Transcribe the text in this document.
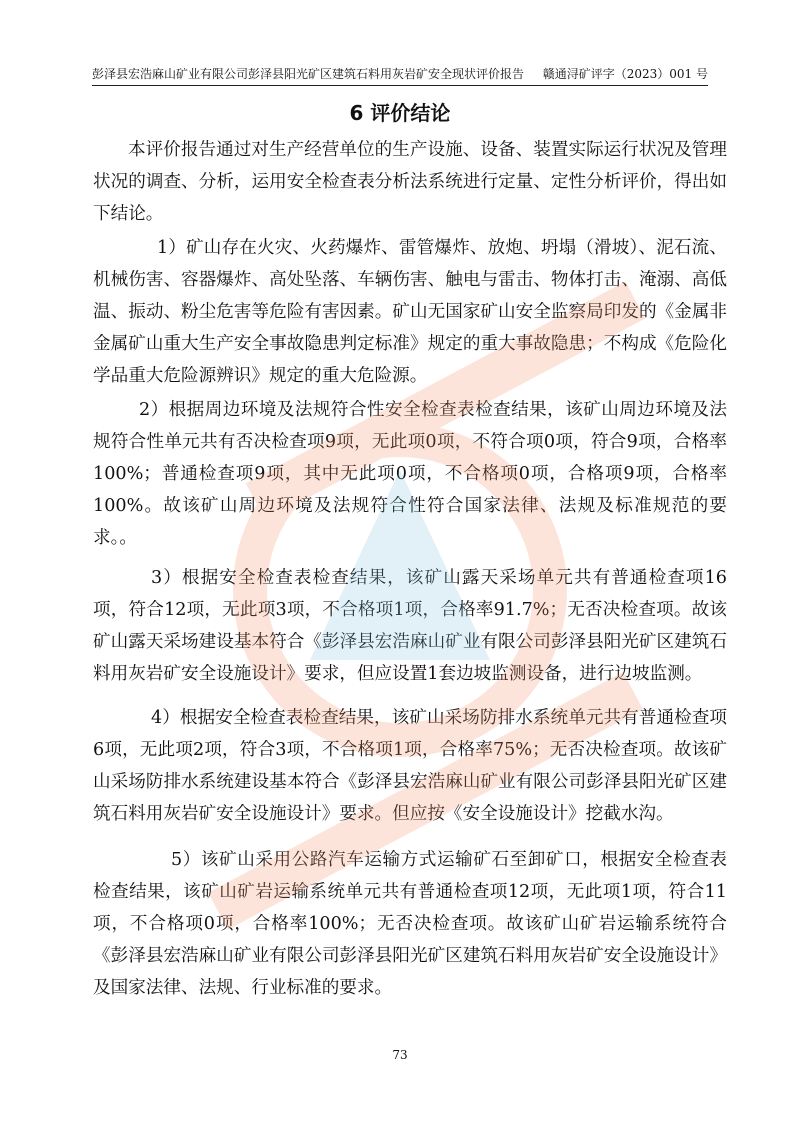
彭泽县宏浩麻山矿业有限公司彭泽县阳光矿区建筑石料用灰岩矿安全现状评价报告 赣通浔矿评字（2023）001 号
6 评价结论

本评价报告通过对生产经营单位的生产设施、设备、装置实际运行状况及管理状况的调查、分析，运用安全检查表分析法系统进行定量、定性分析评价，得出如下结论。

1）矿山存在火灾、火药爆炸、雷管爆炸、放炮、坍塌（滑坡）、泥石流、机械伤害、容器爆炸、高处坠落、车辆伤害、触电与雷击、物体打击、淹溺、高低温、振动、粉尘危害等危险有害因素。矿山无国家矿山安全监察局印发的《金属非金属矿山重大生产安全事故隐患判定标准》规定的重大事故隐患；不构成《危险化学品重大危险源辨识》规定的重大危险源。

2）根据周边环境及法规符合性安全检查表检查结果，该矿山周边环境及法规符合性单元共有否决检查项9项，无此项0项，不符合项0项，符合9项，合格率100%；普通检查项9项，其中无此项0项，不合格项0项，合格项9项，合格率100%。故该矿山周边环境及法规符合性符合国家法律、法规及标准规范的要求。。

3）根据安全检查表检查结果，该矿山露天采场单元共有普通检查项16项，符合12项，无此项3项，不合格项1项，合格率91.7%；无否决检查项。故该矿山露天采场建设基本符合《彭泽县宏浩麻山矿业有限公司彭泽县阳光矿区建筑石料用灰岩矿安全设施设计》要求，但应设置1套边坡监测设备，进行边坡监测。

4）根据安全检查表检查结果，该矿山采场防排水系统单元共有普通检查项6项，无此项2项，符合3项，不合格项1项，合格率75%；无否决检查项。故该矿山采场防排水系统建设基本符合《彭泽县宏浩麻山矿业有限公司彭泽县阳光矿区建筑石料用灰岩矿安全设施设计》要求。但应按《安全设施设计》挖截水沟。

5）该矿山采用公路汽车运输方式运输矿石至卸矿口，根据安全检查表检查结果，该矿山矿岩运输系统单元共有普通检查项12项，无此项1项，符合11项，不合格项0项，合格率100%；无否决检查项。故该矿山矿岩运输系统符合《彭泽县宏浩麻山矿业有限公司彭泽县阳光矿区建筑石料用灰岩矿安全设施设计》及国家法律、法规、行业标准的要求。

73
